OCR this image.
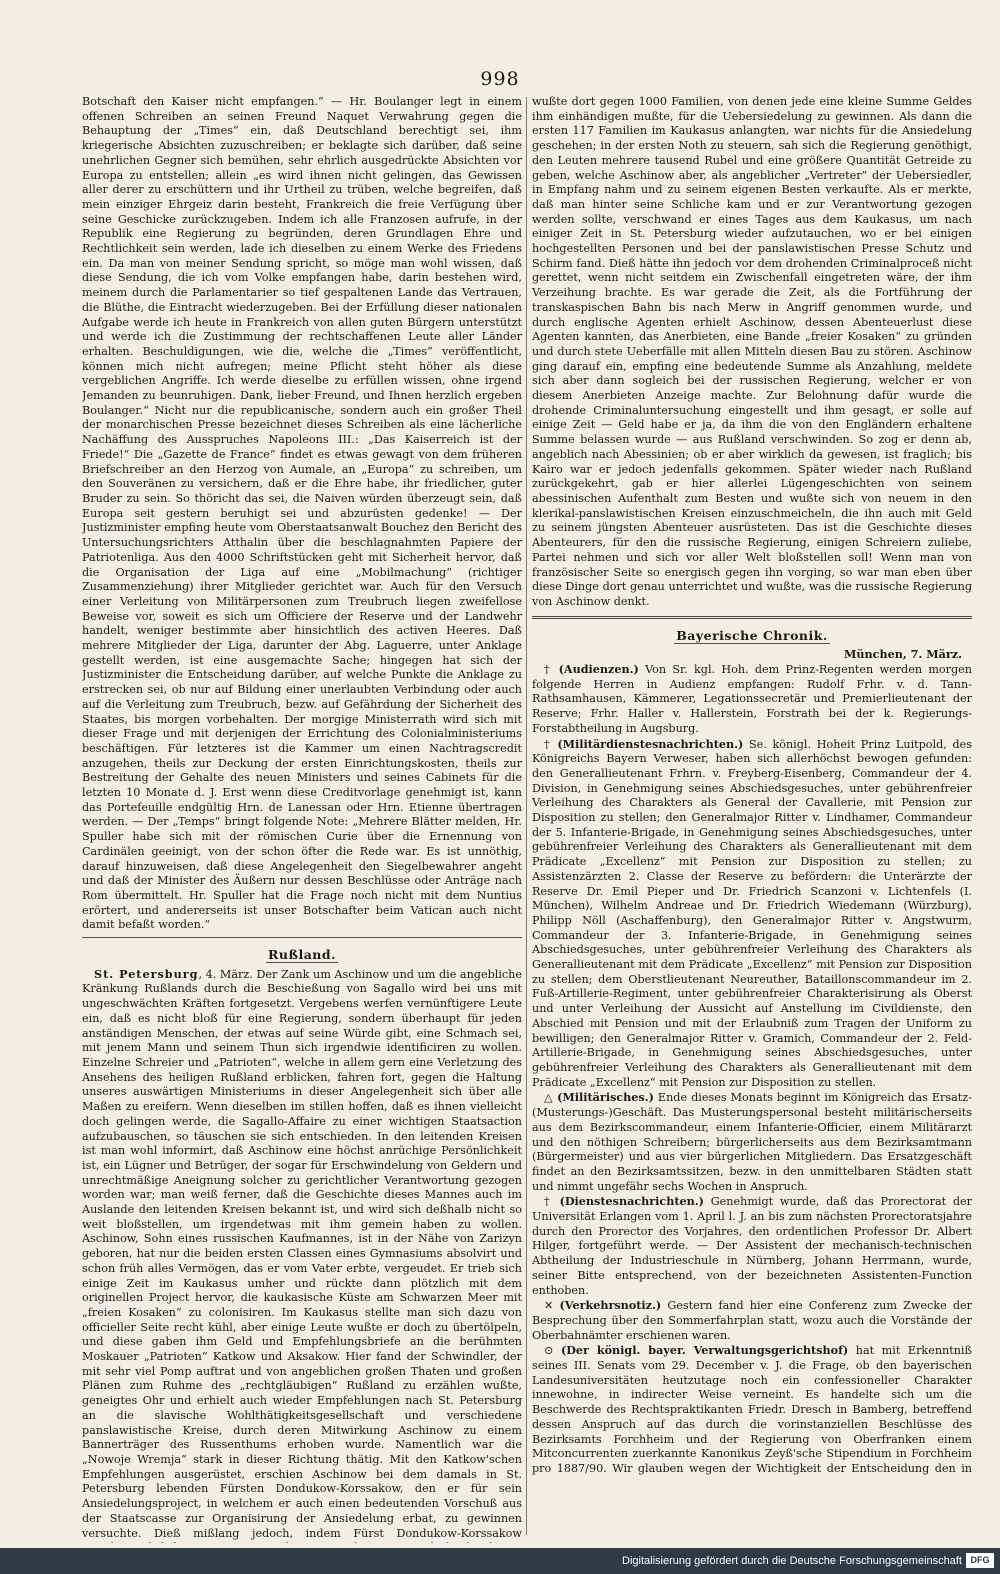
998

Botschaft den Kaiser nicht empfangen.“ — Hr. Boulanger legt in einem offenen Schreiben an seinen Freund Naquet Verwahrung gegen die Behauptung der „Times“ ein, daß Deutschland berechtigt sei, ihm kriegerische Absichten zuzuschreiben; er beklagte sich darüber, daß seine unehrlichen Gegner sich bemühen, sehr ehrlich ausgedrückte Absichten vor Europa zu entstellen; allein „es wird ihnen nicht gelingen, das Gewissen aller derer zu erschüttern und ihr Urtheil zu trüben, welche begreifen, daß mein einziger Ehrgeiz darin besteht, Frankreich die freie Verfügung über seine Geschicke zurückzugeben. Indem ich alle Franzosen aufrufe, in der Republik eine Regierung zu begründen, deren Grundlagen Ehre und Rechtlichkeit sein werden, lade ich dieselben zu einem Werke des Friedens ein. Da man von meiner Sendung spricht, so möge man wohl wissen, daß diese Sendung, die ich vom Volke empfangen habe, darin bestehen wird, meinem durch die Parlamentarier so tief gespaltenen Lande das Vertrauen, die Blüthe, die Eintracht wiederzugeben. Bei der Erfüllung dieser nationalen Aufgabe werde ich heute in Frankreich von allen guten Bürgern unterstützt und werde ich die Zustimmung der rechtschaffenen Leute aller Länder erhalten. Beschuldigungen, wie die, welche die „Times“ veröffentlicht, können mich nicht aufregen; meine Pflicht steht höher als diese vergeblichen Angriffe. Ich werde dieselbe zu erfüllen wissen, ohne irgend Jemanden zu beunruhigen. Dank, lieber Freund, und Ihnen herzlich ergeben Boulanger.“ Nicht nur die republicanische, sondern auch ein großer Theil der monarchischen Presse bezeichnet dieses Schreiben als eine lächerliche Nachäffung des Ausspruches Napoleons III.: „Das Kaiserreich ist der Friede!“ Die „Gazette de France“ findet es etwas gewagt von dem früheren Briefschreiber an den Herzog von Aumale, an „Europa“ zu schreiben, um den Souveränen zu versichern, daß er die Ehre habe, ihr friedlicher, guter Bruder zu sein. So thöricht das sei, die Naiven würden überzeugt sein, daß Europa seit gestern beruhigt sei und abzurüsten gedenke! — Der Justizminister empfing heute vom Oberstaatsanwalt Bouchez den Bericht des Untersuchungsrichters Atthalin über die beschlagnahmten Papiere der Patriotenliga. Aus den 4000 Schriftstücken geht mit Sicherheit hervor, daß die Organisation der Liga auf eine „Mobilmachung“ (richtiger Zusammenziehung) ihrer Mitglieder gerichtet war. Auch für den Versuch einer Verleitung von Militärpersonen zum Treubruch liegen zweifellose Beweise vor, soweit es sich um Officiere der Reserve und der Landwehr handelt, weniger bestimmte aber hinsichtlich des activen Heeres. Daß mehrere Mitglieder der Liga, darunter der Abg. Laguerre, unter Anklage gestellt werden, ist eine ausgemachte Sache; hingegen hat sich der Justizminister die Entscheidung darüber, auf welche Punkte die Anklage zu erstrecken sei, ob nur auf Bildung einer unerlaubten Verbindung oder auch auf die Verleitung zum Treubruch, bezw. auf Gefährdung der Sicherheit des Staates, bis morgen vorbehalten. Der morgige Ministerrath wird sich mit dieser Frage und mit derjenigen der Errichtung des Colonialministeriums beschäftigen. Für letzteres ist die Kammer um einen Nachtragscredit anzugehen, theils zur Deckung der ersten Einrichtungskosten, theils zur Bestreitung der Gehalte des neuen Ministers und seines Cabinets für die letzten 10 Monate d. J. Erst wenn diese Creditvorlage genehmigt ist, kann das Portefeuille endgültig Hrn. de Lanessan oder Hrn. Etienne übertragen werden. — Der „Temps“ bringt folgende Note: „Mehrere Blätter melden, Hr. Spuller habe sich mit der römischen Curie über die Ernennung von Cardinälen geeinigt, von der schon öfter die Rede war. Es ist unnöthig, darauf hinzuweisen, daß diese Angelegenheit den Siegelbewahrer angeht und daß der Minister des Äußern nur dessen Beschlüsse oder Anträge nach Rom übermittelt. Hr. Spuller hat die Frage noch nicht mit dem Nuntius erörtert, und andererseits ist unser Botschafter beim Vatican auch nicht damit befaßt worden.“

Rußland.

St. Petersburg, 4. März. Der Zank um Aschinow und um die angebliche Kränkung Rußlands durch die Beschießung von Sagallo wird bei uns mit ungeschwächten Kräften fortgesetzt. Vergebens werfen vernünftigere Leute ein, daß es nicht bloß für eine Regierung, sondern überhaupt für jeden anständigen Menschen, der etwas auf seine Würde gibt, eine Schmach sei, mit jenem Mann und seinem Thun sich irgendwie identificiren zu wollen. Einzelne Schreier und „Patrioten“, welche in allem gern eine Verletzung des Ansehens des heiligen Rußland erblicken, fahren fort, gegen die Haltung unseres auswärtigen Ministeriums in dieser Angelegenheit sich über alle Maßen zu ereifern. Wenn dieselben im stillen hoffen, daß es ihnen vielleicht doch gelingen werde, die Sagallo-Affaire zu einer wichtigen Staatsaction aufzubauschen, so täuschen sie sich entschieden. In den leitenden Kreisen ist man wohl informirt, daß Aschinow eine höchst anrüchige Persönlichkeit ist, ein Lügner und Betrüger, der sogar für Erschwindelung von Geldern und unrechtmäßige Aneignung solcher zu gerichtlicher Verantwortung gezogen worden war; man weiß ferner, daß die Geschichte dieses Mannes auch im Auslande den leitenden Kreisen bekannt ist, und wird sich deßhalb nicht so weit bloßstellen, um irgendetwas mit ihm gemein haben zu wollen. Aschinow, Sohn eines russischen Kaufmannes, ist in der Nähe von Zarizyn geboren, hat nur die beiden ersten Classen eines Gymnasiums absolvirt und schon früh alles Vermögen, das er vom Vater erbte, vergeudet. Er trieb sich einige Zeit im Kaukasus umher und rückte dann plötzlich mit dem originellen Project hervor, die kaukasische Küste am Schwarzen Meer mit „freien Kosaken“ zu colonisiren. Im Kaukasus stellte man sich dazu von officieller Seite recht kühl, aber einige Leute wußte er doch zu übertölpeln, und diese gaben ihm Geld und Empfehlungsbriefe an die berühmten Moskauer „Patrioten“ Katkow und Aksakow. Hier fand der Schwindler, der mit sehr viel Pomp auftrat und von angeblichen großen Thaten und großen Plänen zum Ruhme des „rechtgläubigen“ Rußland zu erzählen wußte, geneigtes Ohr und erhielt auch wieder Empfehlungen nach St. Petersburg an die slavische Wohlthätigkeitsgesellschaft und verschiedene panslawistische Kreise, durch deren Mitwirkung Aschinow zu einem Bannerträger des Russenthums erhoben wurde. Namentlich war die „Nowoje Wremja“ stark in dieser Richtung thätig. Mit den Katkow'schen Empfehlungen ausgerüstet, erschien Aschinow bei dem damals in St. Petersburg lebenden Fürsten Dondukow-Korssakow, den er für sein Ansiedelungsproject, in welchem er auch einen bedeutenden Vorschuß aus der Staatscasse zur Organisirung der Ansiedelung erbat, zu gewinnen versuchte. Dieß mißlang jedoch, indem Fürst Dondukow-Korssakow

wußte dort gegen 1000 Familien, von denen jede eine kleine Summe Geldes ihm einhändigen mußte, für die Uebersiedelung zu gewinnen. Als dann die ersten 117 Familien im Kaukasus anlangten, war nichts für die Ansiedelung geschehen; in der ersten Noth zu steuern, sah sich die Regierung genöthigt, den Leuten mehrere tausend Rubel und eine größere Quantität Getreide zu geben, welche Aschinow aber, als angeblicher „Vertreter“ der Uebersiedler, in Empfang nahm und zu seinem eigenen Besten verkaufte. Als er merkte, daß man hinter seine Schliche kam und er zur Verantwortung gezogen werden sollte, verschwand er eines Tages aus dem Kaukasus, um nach einiger Zeit in St. Petersburg wieder aufzutauchen, wo er bei einigen hochgestellten Personen und bei der panslawistischen Presse Schutz und Schirm fand. Dieß hätte ihn jedoch vor dem drohenden Criminalproceß nicht gerettet, wenn nicht seitdem ein Zwischenfall eingetreten wäre, der ihm Verzeihung brachte. Es war gerade die Zeit, als die Fortführung der transkaspischen Bahn bis nach Merw in Angriff genommen wurde, und durch englische Agenten erhielt Aschinow, dessen Abenteuerlust diese Agenten kannten, das Anerbieten, eine Bande „freier Kosaken“ zu gründen und durch stete Ueberfälle mit allen Mitteln diesen Bau zu stören. Aschinow ging darauf ein, empfing eine bedeutende Summe als Anzahlung, meldete sich aber dann sogleich bei der russischen Regierung, welcher er von diesem Anerbieten Anzeige machte. Zur Belohnung dafür wurde die drohende Criminaluntersuchung eingestellt und ihm gesagt, er solle auf einige Zeit — Geld habe er ja, da ihm die von den Engländern erhaltene Summe belassen wurde — aus Rußland verschwinden. So zog er denn ab, angeblich nach Abessinien; ob er aber wirklich da gewesen, ist fraglich; bis Kairo war er jedoch jedenfalls gekommen. Später wieder nach Rußland zurückgekehrt, gab er hier allerlei Lügengeschichten von seinem abessinischen Aufenthalt zum Besten und wußte sich von neuem in den klerikal-panslawistischen Kreisen einzuschmeicheln, die ihn auch mit Geld zu seinem jüngsten Abenteuer ausrüsteten. Das ist die Geschichte dieses Abenteurers, für den die russische Regierung, einigen Schreiern zuliebe, Partei nehmen und sich vor aller Welt bloßstellen soll! Wenn man von französischer Seite so energisch gegen ihn vorging, so war man eben über diese Dinge dort genau unterrichtet und wußte, was die russische Regierung von Aschinow denkt.

Bayerische Chronik.
München, 7. März.

† (Audienzen.) Von Sr. kgl. Hoh. dem Prinz-Regenten werden morgen folgende Herren in Audienz empfangen: Rudolf Frhr. v. d. Tann-Rathsamhausen, Kämmerer, Legationssecretär und Premierlieutenant der Reserve; Frhr. Haller v. Hallerstein, Forstrath bei der k. Regierungs-Forstabtheilung in Augsburg.

† (Militärdienstesnachrichten.) Se. königl. Hoheit Prinz Luitpold, des Königreichs Bayern Verweser, haben sich allerhöchst bewogen gefunden: den Generallieutenant Frhrn. v. Freyberg-Eisenberg, Commandeur der 4. Division, in Genehmigung seines Abschiedsgesuches, unter gebührenfreier Verleihung des Charakters als General der Cavallerie, mit Pension zur Disposition zu stellen; den Generalmajor Ritter v. Lindhamer, Commandeur der 5. Infanterie-Brigade, in Genehmigung seines Abschiedsgesuches, unter gebührenfreier Verleihung des Charakters als Generallieutenant mit dem Prädicate „Excellenz“ mit Pension zur Disposition zu stellen; zu Assistenzärzten 2. Classe der Reserve zu befördern: die Unterärzte der Reserve Dr. Emil Pieper und Dr. Friedrich Scanzoni v. Lichtenfels (I. München), Wilhelm Andreae und Dr. Friedrich Wiedemann (Würzburg), Philipp Nöll (Aschaffenburg), den Generalmajor Ritter v. Angstwurm, Commandeur der 3. Infanterie-Brigade, in Genehmigung seines Abschiedsgesuches, unter gebührenfreier Verleihung des Charakters als Generallieutenant mit dem Prädicate „Excellenz“ mit Pension zur Disposition zu stellen; dem Oberstlieutenant Neureuther, Bataillonscommandeur im 2. Fuß-Artillerie-Regiment, unter gebührenfreier Charakterisirung als Oberst und unter Verleihung der Aussicht auf Anstellung im Civildienste, den Abschied mit Pension und mit der Erlaubniß zum Tragen der Uniform zu bewilligen; den Generalmajor Ritter v. Gramich, Commandeur der 2. Feld-Artillerie-Brigade, in Genehmigung seines Abschiedsgesuches, unter gebührenfreier Verleihung des Charakters als Generallieutenant mit dem Prädicate „Excellenz“ mit Pension zur Disposition zu stellen.

△ (Militärisches.) Ende dieses Monats beginnt im Königreich das Ersatz-(Musterungs-)Geschäft. Das Musterungspersonal besteht militärischerseits aus dem Bezirkscommandeur, einem Infanterie-Officier, einem Militärarzt und den nöthigen Schreibern; bürgerlicherseits aus dem Bezirksamtmann (Bürgermeister) und aus vier bürgerlichen Mitgliedern. Das Ersatzgeschäft findet an den Bezirksamtssitzen, bezw. in den unmittelbaren Städten statt und nimmt ungefähr sechs Wochen in Anspruch.

† (Dienstesnachrichten.) Genehmigt wurde, daß das Prorectorat der Universität Erlangen vom 1. April l. J. an bis zum nächsten Prorectoratsjahre durch den Prorector des Vorjahres, den ordentlichen Professor Dr. Albert Hilger, fortgeführt werde. — Der Assistent der mechanisch-technischen Abtheilung der Industrieschule in Nürnberg, Johann Herrmann, wurde, seiner Bitte entsprechend, von der bezeichneten Assistenten-Function enthoben.

✕ (Verkehrsnotiz.) Gestern fand hier eine Conferenz zum Zwecke der Besprechung über den Sommerfahrplan statt, wozu auch die Vorstände der Oberbahnämter erschienen waren.

⊙ (Der königl. bayer. Verwaltungsgerichtshof) hat mit Erkenntniß seines III. Senats vom 29. December v. J. die Frage, ob den bayerischen Landesuniversitäten heutzutage noch ein confessioneller Charakter innewohne, in indirecter Weise verneint. Es handelte sich um die Beschwerde des Rechtspraktikanten Friedr. Dresch in Bamberg, betreffend dessen Anspruch auf das durch die vorinstanziellen Beschlüsse des Bezirksamts Forchheim und der Regierung von Oberfranken einem Mitconcurrenten zuerkannte Kanonikus Zeyß'sche Stipendium in Forchheim pro 1887/90. Wir glauben wegen der Wichtigkeit der Entscheidung den in

Digitalisierung gefördert durch die Deutsche Forschungsgemeinschaft DFG
